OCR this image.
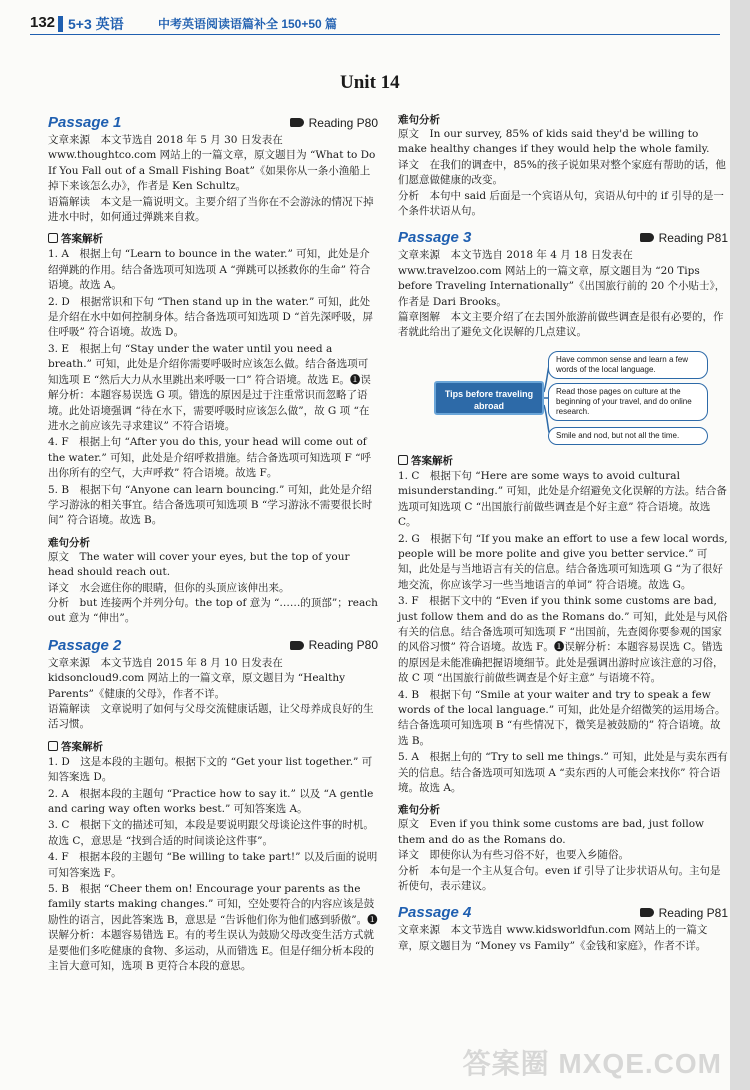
132 5+3 英语	中考英语阅读语篇补全 150+50 篇
Unit 14
Passage 1	Reading P80

文章来源　本文节选自 2018 年 5 月 30 日发表在 www.thoughtco.com 网站上的一篇文章，原文题目为 “What to Do If You Fall out of a Small Fishing Boat”《如果你从一条小渔船上掉下来该怎么办》，作者是 Ken Schultz。

语篇解读　本文是一篇说明文。主要介绍了当你在不会游泳的情况下掉进水中时，如何通过弹跳来自救。

答案解析

1. A　根据上句 “Learn to bounce in the water.” 可知，此处是介绍弹跳的作用。结合备选项可知选项 A “弹跳可以拯救你的生命” 符合语境。故选 A。

2. D　根据常识和下句 “Then stand up in the water.” 可知，此处是介绍在水中如何控制身体。结合备选项可知选项 D “首先深呼吸，屏住呼吸” 符合语境。故选 D。

3. E　根据上句 “Stay under the water until you need a breath.” 可知，此处是介绍你需要呼吸时应该怎么做。结合备选项可知选项 E “然后大力从水里跳出来呼吸一口” 符合语境。故选 E。❶误解分析：本题容易误选 G 项。错选的原因是过于注重常识而忽略了语境。此处语境强调 “待在水下，需要呼吸时应该怎么做”，故 G 项 “在进水之前应该先寻求建议” 不符合语境。

4. F　根据上句 “After you do this, your head will come out of the water.” 可知，此处是介绍呼救措施。结合备选项可知选项 F “呼出你所有的空气，大声呼救” 符合语境。故选 F。

5. B　根据下句 “Anyone can learn bouncing.” 可知，此处是介绍学习游泳的相关事宜。结合备选项可知选项 B “学习游泳不需要很长时间” 符合语境。故选 B。

难句分析

原文　The water will cover your eyes, but the top of your head should reach out.

译文　水会遮住你的眼睛，但你的头顶应该伸出来。

分析　but 连接两个并列分句。the top of 意为 “……的顶部”；reach out 意为 “伸出”。

Passage 2	Reading P80

文章来源　本文节选自 2015 年 8 月 10 日发表在 kidsoncloud9.com 网站上的一篇文章，原文题目为 “Healthy Parents”《健康的父母》，作者不详。

语篇解读　文章说明了如何与父母交流健康话题，让父母养成良好的生活习惯。

答案解析

1. D　这是本段的主题句。根据下文的 “Get your list together.” 可知答案选 D。

2. A　根据本段的主题句 “Practice how to say it.” 以及 “A gentle and caring way often works best.” 可知答案选 A。

3. C　根据下文的描述可知，本段是要说明跟父母谈论这件事的时机。故选 C，意思是 “找到合适的时间谈论这件事”。

4. F　根据本段的主题句 “Be willing to take part!” 以及后面的说明可知答案选 F。

5. B　根据 “Cheer them on! Encourage your parents as the family starts making changes.” 可知，空处要符合的内容应该是鼓励性的语言，因此答案选 B，意思是 “告诉他们你为他们感到骄傲”。❶误解分析：本题容易错选 E。有的考生误认为鼓励父母改变生活方式就是要他们多吃健康的食物、多运动，从而错选 E。但是仔细分析本段的主旨大意可知，选项 B 更符合本段的意思。

难句分析

原文　In our survey, 85% of kids said they'd be willing to make healthy changes if they would help the whole family.

译文　在我们的调查中，85%的孩子说如果对整个家庭有帮助的话，他们愿意做健康的改变。

分析　本句中 said 后面是一个宾语从句，宾语从句中的 if 引导的是一个条件状语从句。

Passage 3	Reading P81

文章来源　本文节选自 2018 年 4 月 18 日发表在 www.travelzoo.com 网站上的一篇文章，原文题目为 “20 Tips before Traveling Internationally”《出国旅行前的 20 个小贴士》，作者是 Dari Brooks。

篇章图解　本文主要介绍了在去国外旅游前做些调查是很有必要的，作者就此给出了避免文化误解的几点建议。

Tips before traveling abroad
Have common sense and learn a few words of the local language.
Read those pages on culture at the beginning of your travel, and do online research.
Smile and nod, but not all the time.
答案解析

1. C　根据下句 “Here are some ways to avoid cultural misunderstanding.” 可知，此处是介绍避免文化误解的方法。结合备选项可知选项 C “出国旅行前做些调查是个好主意” 符合语境。故选 C。

2. G　根据下句 “If you make an effort to use a few local words, people will be more polite and give you better service.” 可知，此处是与当地语言有关的信息。结合备选项可知选项 G “为了很好地交流，你应该学习一些当地语言的单词” 符合语境。故选 G。

3. F　根据下文中的 “Even if you think some customs are bad, just follow them and do as the Romans do.” 可知，此处是与风俗有关的信息。结合备选项可知选项 F “出国前，先查阅你要参观的国家的风俗习惯” 符合语境。故选 F。❶误解分析：本题容易误选 C。错选的原因是未能准确把握语境细节。此处是强调出游时应该注意的习俗，故 C 项 “出国旅行前做些调查是个好主意” 与语境不符。

4. B　根据下句 “Smile at your waiter and try to speak a few words of the local language.” 可知，此处是介绍微笑的运用场合。结合备选项可知选项 B “有些情况下，微笑是被鼓励的” 符合语境。故选 B。

5. A　根据上句的 “Try to sell me things.” 可知，此处是与卖东西有关的信息。结合备选项可知选项 A “卖东西的人可能会来找你” 符合语境。故选 A。

难句分析

原文　Even if you think some customs are bad, just follow them and do as the Romans do.

译文　即使你认为有些习俗不好，也要入乡随俗。

分析　本句是一个主从复合句。even if 引导了让步状语从句。主句是祈使句，表示建议。

Passage 4	Reading P81

文章来源　本文节选自 www.kidsworldfun.com 网站上的一篇文章，原文题目为 “Money vs Family”《金钱和家庭》，作者不详。

答案圈 MXQE.COM
